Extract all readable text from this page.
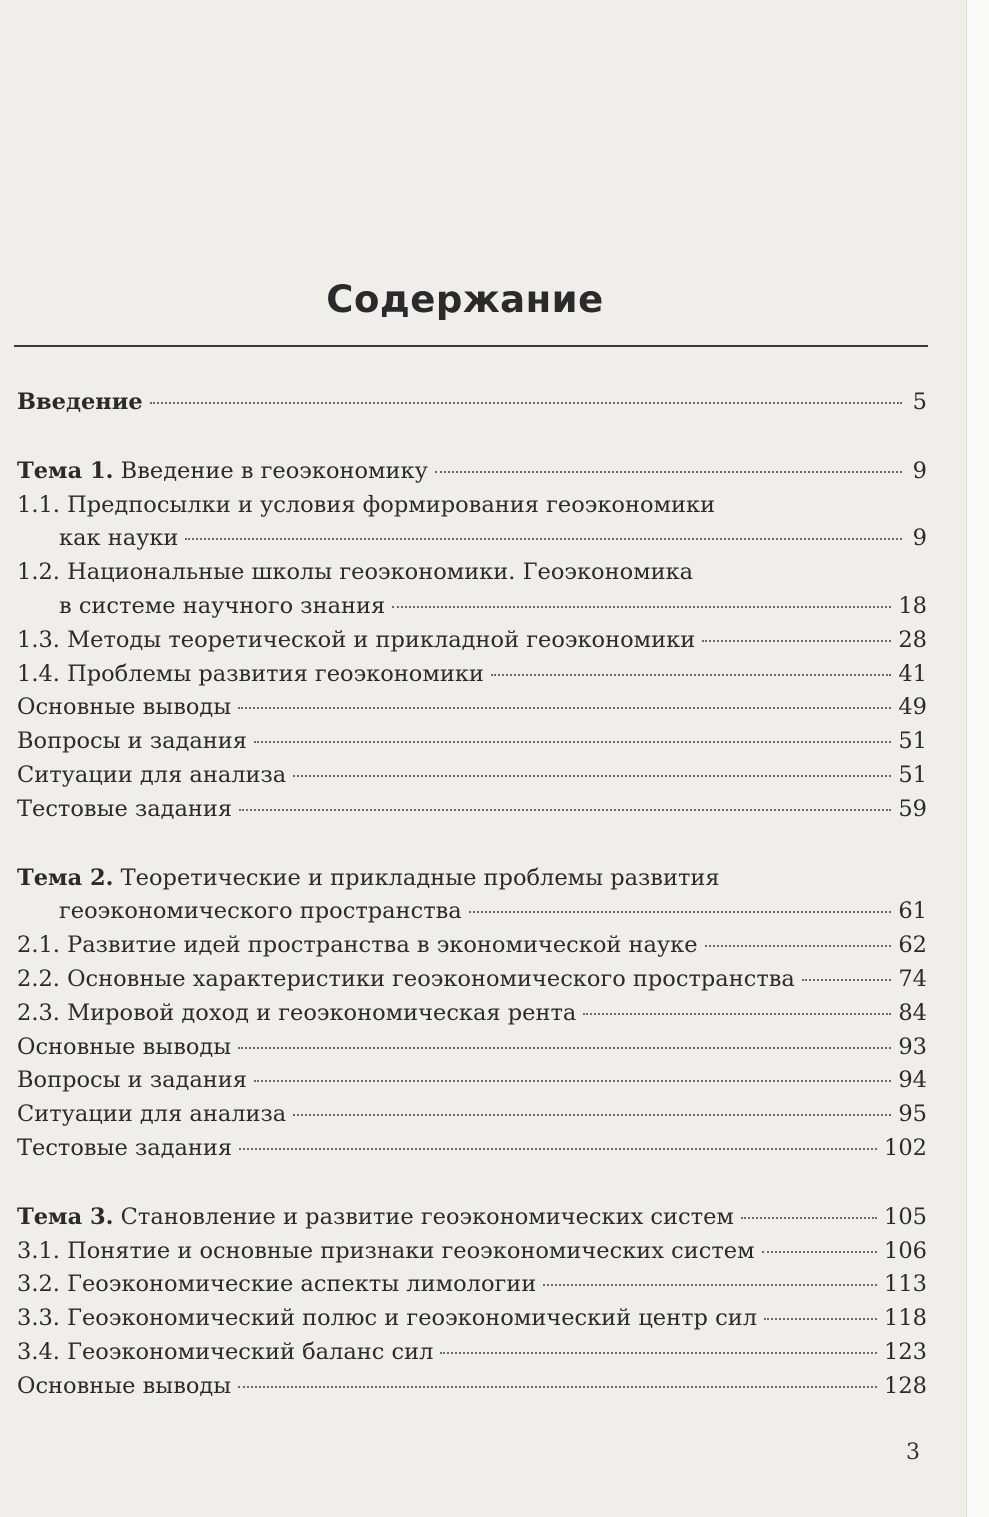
Содержание
Введение	5
Тема 1. Введение в геоэкономику	9
1.1. Предпосылки и условия формирования геоэкономики
как науки	9
1.2. Национальные школы геоэкономики. Геоэкономика
в системе научного знания	18
1.3. Методы теоретической и прикладной геоэкономики	28
1.4. Проблемы развития геоэкономики	41
Основные выводы	49
Вопросы и задания	51
Ситуации для анализа	51
Тестовые задания	59
Тема 2. Теоретические и прикладные проблемы развития
геоэкономического пространства	61
2.1. Развитие идей пространства в экономической науке	62
2.2. Основные характеристики геоэкономического пространства	74
2.3. Мировой доход и геоэкономическая рента	84
Основные выводы	93
Вопросы и задания	94
Ситуации для анализа	95
Тестовые задания	102
Тема 3. Становление и развитие геоэкономических систем	105
3.1. Понятие и основные признаки геоэкономических систем	106
3.2. Геоэкономические аспекты лимологии	113
3.3. Геоэкономический полюс и геоэкономический центр сил	118
3.4. Геоэкономический баланс сил	123
Основные выводы	128
3
